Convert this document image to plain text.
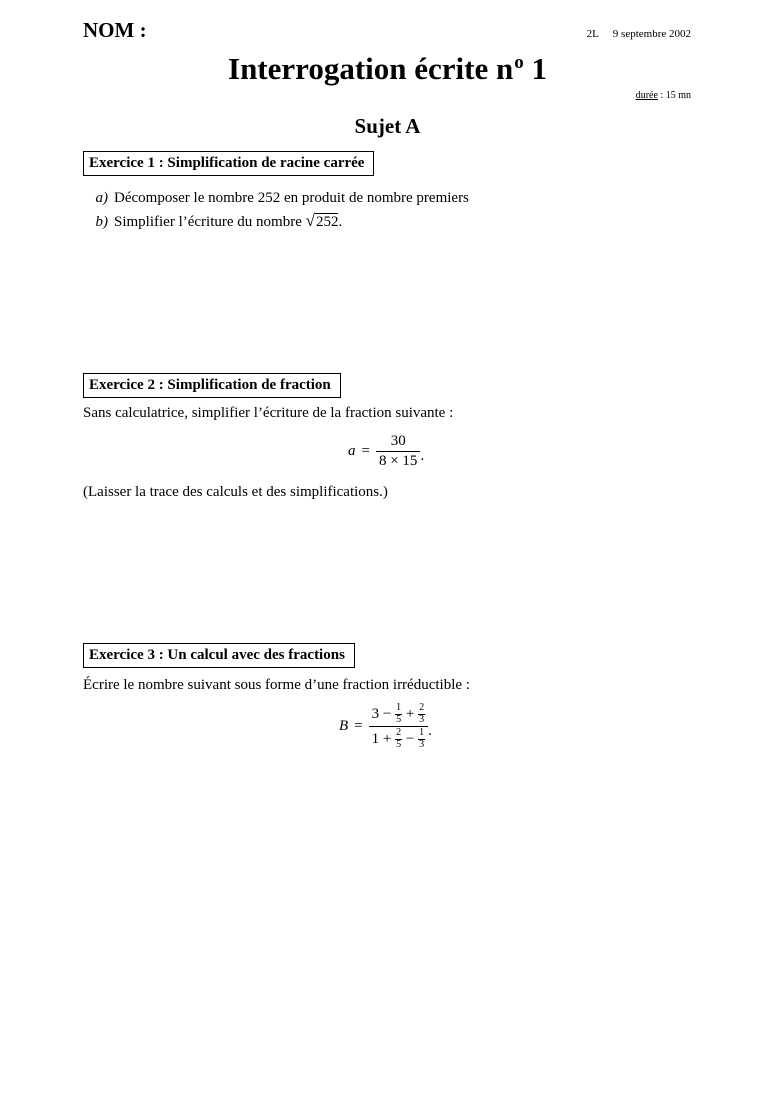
NOM :	2L 9 septembre 2002
Interrogation écrite $n^o$ 1
durée : 15 mn
Sujet A
Exercice 1 : Simplification de racine carrée
a) Décomposer le nombre 252 en produit de nombre premiers
b) Simplifier l’écriture du nombre √252.
Exercice 2 : Simplification de fraction
Sans calculatrice, simplifier l’écriture de la fraction suivante :
$a = \frac{30}{8 \times 15}$ .
(Laisser la trace des calculs et des simplifications.)
Exercice 3 : Un calcul avec des fractions
Écrire le nombre suivant sous forme d’une fraction irréductible :
$B = \frac{3 - \frac{1}{5} + \frac{2}{3}}{1 + \frac{2}{5} - \frac{1}{3}}$ .
